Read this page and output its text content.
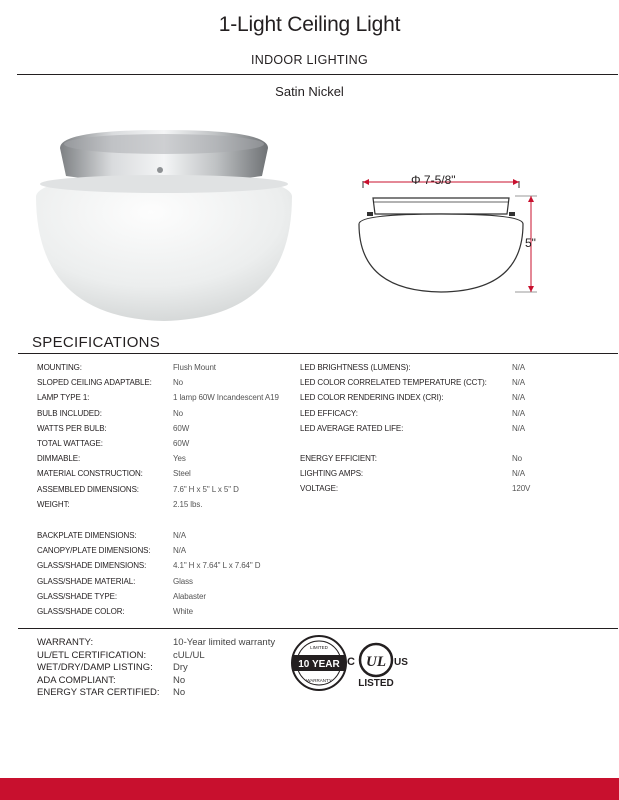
1-Light Ceiling Light
INDOOR LIGHTING
Satin Nickel
Φ 7-5/8"
5"
SPECIFICATIONS
MOUNTING:	Flush Mount
SLOPED CEILING ADAPTABLE:	No
LAMP TYPE 1:	1 lamp 60W Incandescent A19
BULB INCLUDED:	No
WATTS PER BULB:	60W
TOTAL WATTAGE:	60W
DIMMABLE:	Yes
MATERIAL CONSTRUCTION:	Steel
ASSEMBLED DIMENSIONS:	7.6" H x 5" L x 5" D
WEIGHT:	2.15 lbs.
BACKPLATE DIMENSIONS:	N/A
CANOPY/PLATE DIMENSIONS:	N/A
GLASS/SHADE DIMENSIONS:	4.1" H x 7.64" L x 7.64" D
GLASS/SHADE MATERIAL:	Glass
GLASS/SHADE TYPE:	Alabaster
GLASS/SHADE COLOR:	White
LED BRIGHTNESS (LUMENS):	N/A
LED COLOR CORRELATED TEMPERATURE (CCT):	N/A
LED COLOR RENDERING INDEX (CRI):	N/A
LED EFFICACY:	N/A
LED AVERAGE RATED LIFE:	N/A
ENERGY EFFICIENT:	No
LIGHTING AMPS:	N/A
VOLTAGE:	120V
WARRANTY:	10-Year limited warranty
UL/ETL CERTIFICATION:	cUL/UL
WET/DRY/DAMP LISTING: Dry
ADA COMPLIANT:	No
ENERGY STAR CERTIFIED: No
10 YEAR
LIMITED
WARRANTY
C UL US
LISTED
